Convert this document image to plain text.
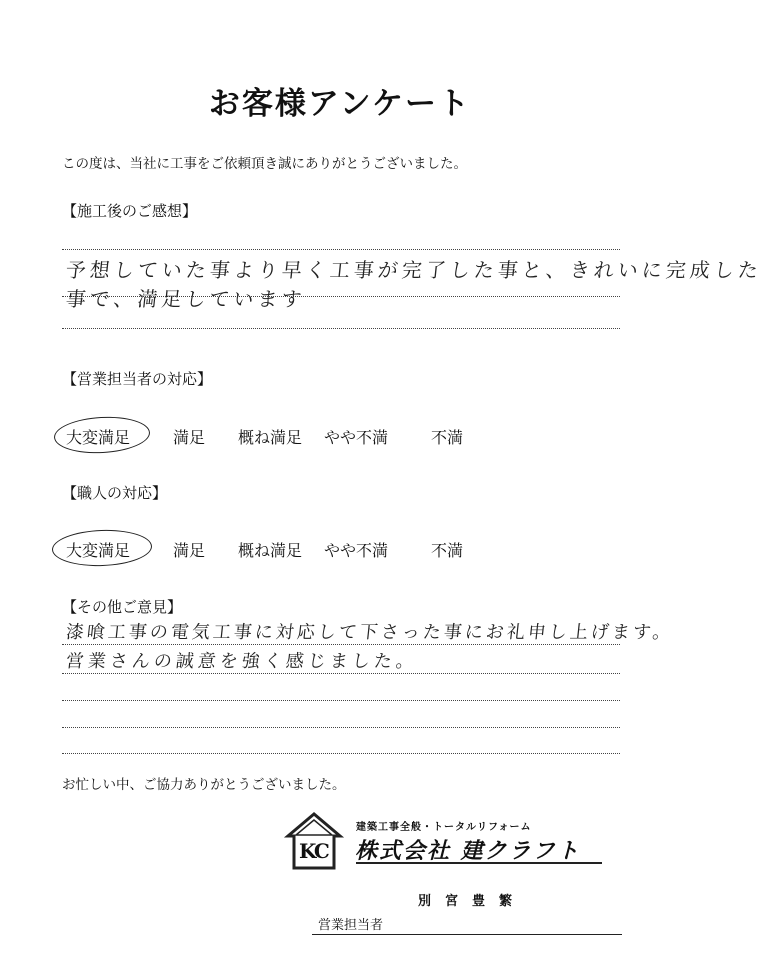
お客様アンケート
この度は、当社に工事をご依頼頂き誠にありがとうございました。
【施工後のご感想】
予想していた事より早く工事が完了した事と、きれいに完成した
事で、満足しています
【営業担当者の対応】
大変満足	満足 概ね満足 やや不満	不満
【職人の対応】
大変満足	満足 概ね満足 やや不満	不満
【その他ご意見】
漆喰工事の電気工事に対応して下さった事にお礼申し上げます。
営業さんの誠意を強く感じました。
お忙しい中、ご協力ありがとうございました。
KC
建築工事全般・トータルリフォーム
株式会社 建クラフト
営業担当者
別宮豊繁
